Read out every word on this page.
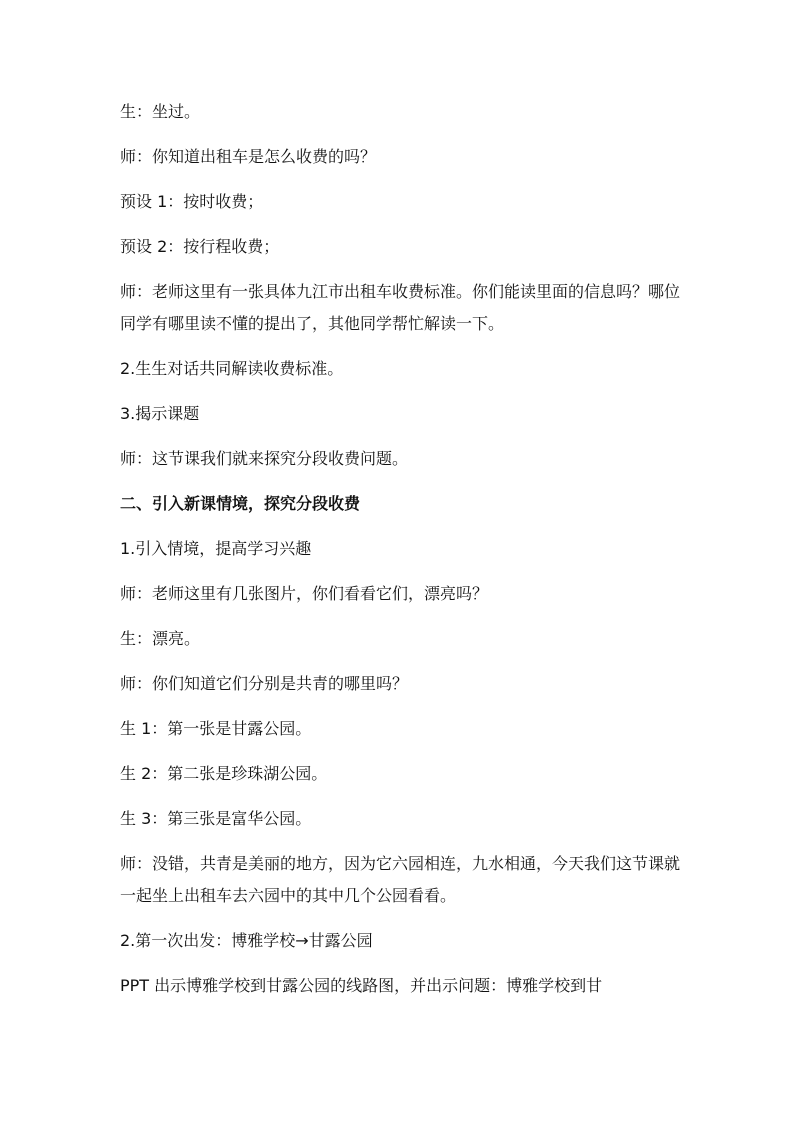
生：坐过。

师：你知道出租车是怎么收费的吗？

预设 1：按时收费；

预设 2：按行程收费；

师：老师这里有一张具体九江市出租车收费标准。你们能读里面的信息吗？哪位同学有哪里读不懂的提出了，其他同学帮忙解读一下。

2.生生对话共同解读收费标准。

3.揭示课题

师：这节课我们就来探究分段收费问题。

二、引入新课情境，探究分段收费

1.引入情境，提高学习兴趣

师：老师这里有几张图片，你们看看它们，漂亮吗？

生：漂亮。

师：你们知道它们分别是共青的哪里吗？

生 1：第一张是甘露公园。

生 2：第二张是珍珠湖公园。

生 3：第三张是富华公园。

师：没错，共青是美丽的地方，因为它六园相连，九水相通，今天我们这节课就一起坐上出租车去六园中的其中几个公园看看。

2.第一次出发：博雅学校→甘露公园

PPT 出示博雅学校到甘露公园的线路图，并出示问题：博雅学校到甘
